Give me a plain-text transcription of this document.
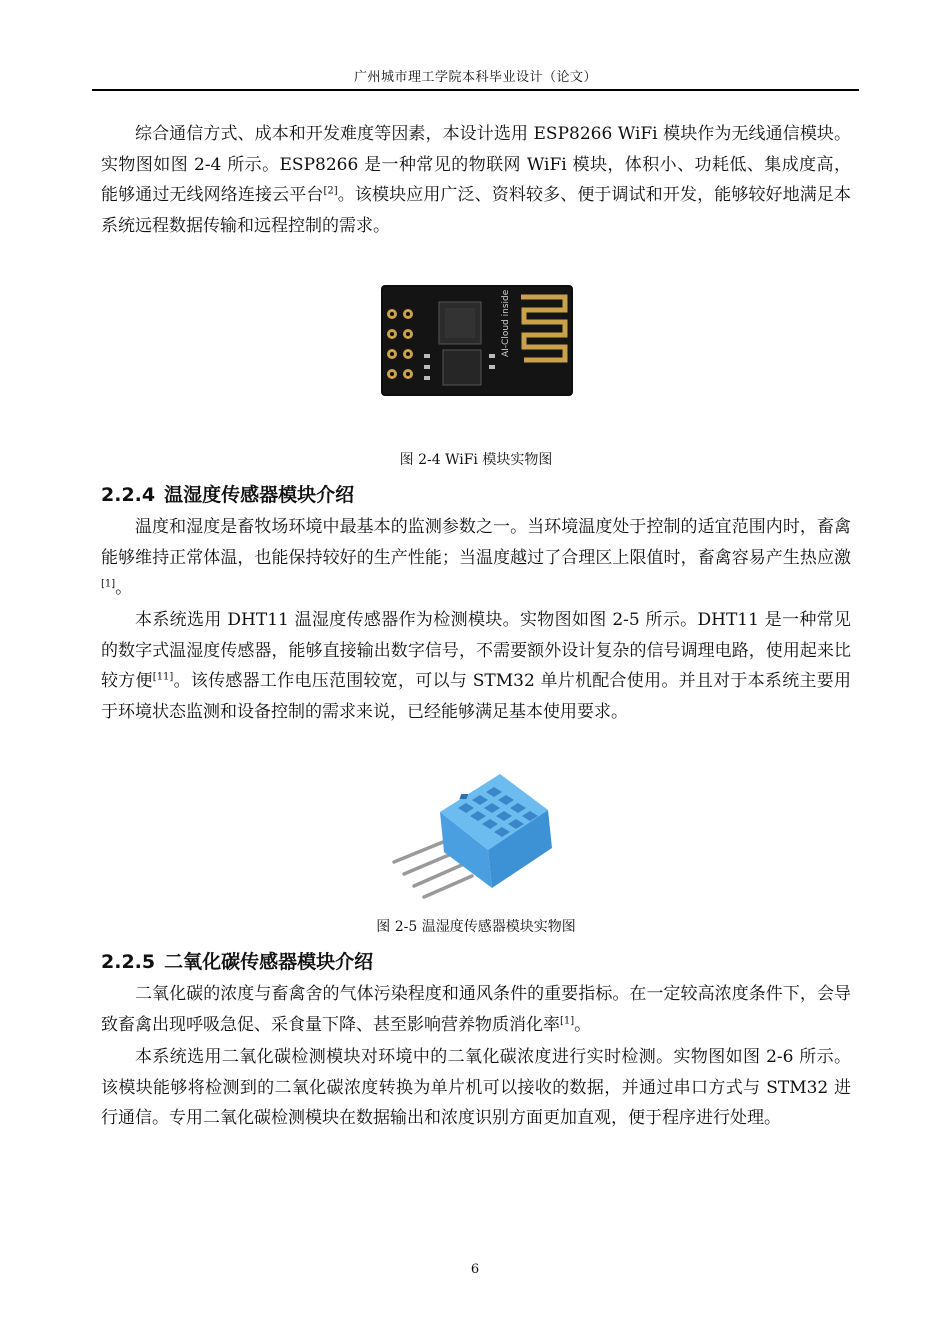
广州城市理工学院本科毕业设计（论文）

综合通信方式、成本和开发难度等因素，本设计选用 ESP8266 WiFi 模块作为无线通信模块。实物图如图 2-4 所示。ESP8266 是一种常见的物联网 WiFi 模块，体积小、功耗低、集成度高，能够通过无线网络连接云平台[2]。该模块应用广泛、资料较多、便于调试和开发，能够较好地满足本系统远程数据传输和远程控制的需求。

AI-Cloud inside
图 2-4 WiFi 模块实物图
2.2.4 温湿度传感器模块介绍

温度和湿度是畜牧场环境中最基本的监测参数之一。当环境温度处于控制的适宜范围内时，畜禽能够维持正常体温，也能保持较好的生产性能；当温度越过了合理区上限值时，畜禽容易产生热应激[1]。

本系统选用 DHT11 温湿度传感器作为检测模块。实物图如图 2-5 所示。DHT11 是一种常见的数字式温湿度传感器，能够直接输出数字信号，不需要额外设计复杂的信号调理电路，使用起来比较方便[11]。该传感器工作电压范围较宽，可以与 STM32 单片机配合使用。并且对于本系统主要用于环境状态监测和设备控制的需求来说，已经能够满足基本使用要求。

图 2-5 温湿度传感器模块实物图
2.2.5 二氧化碳传感器模块介绍

二氧化碳的浓度与畜禽舍的气体污染程度和通风条件的重要指标。在一定较高浓度条件下，会导致畜禽出现呼吸急促、采食量下降、甚至影响营养物质消化率[1]。

本系统选用二氧化碳检测模块对环境中的二氧化碳浓度进行实时检测。实物图如图 2-6 所示。该模块能够将检测到的二氧化碳浓度转换为单片机可以接收的数据，并通过串口方式与 STM32 进行通信。专用二氧化碳检测模块在数据输出和浓度识别方面更加直观，便于程序进行处理。

6
